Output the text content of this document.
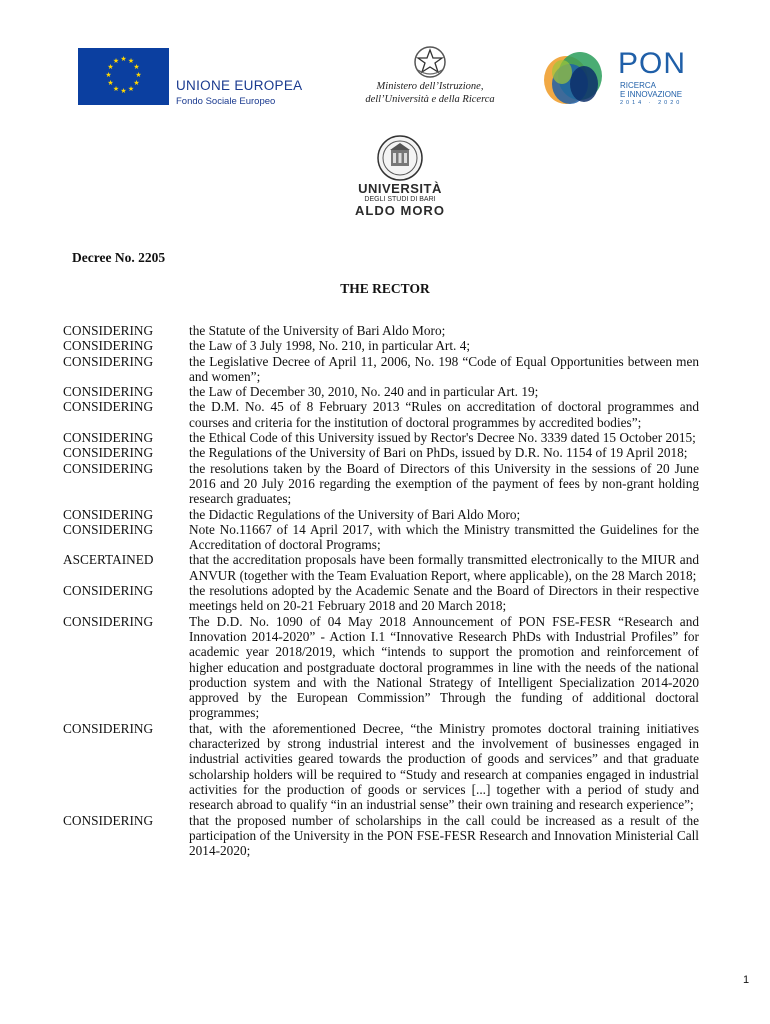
★ ★
★
★
★
★
★
★
★
★
★
★
UNIONE EUROPEA
Fondo Sociale Europeo
Ministero dell’Istruzione,
dell’Università e della Ricerca
PON
RICERCA
E INNOVAZIONE
2014 · 2020
UNIVERSITÀ
DEGLI STUDI DI BARI
ALDO MORO
Decree No. 2205
THE RECTOR
CONSIDERING	the Statute of the University of Bari Aldo Moro;
CONSIDERING	the Law of 3 July 1998, No. 210, in particular Art. 4;
CONSIDERING	the Legislative Decree of April 11, 2006, No. 198 “Code of Equal Opportunities between men and women”;
CONSIDERING	the Law of December 30, 2010, No. 240 and in particular Art. 19;
CONSIDERING	the D.M. No. 45 of 8 February 2013 “Rules on accreditation of doctoral programmes and courses and criteria for the institution of doctoral programmes by accredited bodies”;
CONSIDERING	the Ethical Code of this University issued by Rector's Decree No. 3339 dated 15 October 2015;
CONSIDERING	the Regulations of the University of Bari on PhDs, issued by D.R. No. 1154 of 19 April 2018;
CONSIDERING	the resolutions taken by the Board of Directors of this University in the sessions of 20 June 2016 and 20 July 2016 regarding the exemption of the payment of fees by non-grant holding research graduates;
CONSIDERING	the Didactic Regulations of the University of Bari Aldo Moro;
CONSIDERING	Note No.11667 of 14 April 2017, with which the Ministry transmitted the Guidelines for the Accreditation of doctoral Programs;
ASCERTAINED	that the accreditation proposals have been formally transmitted electronically to the MIUR and ANVUR (together with the Team Evaluation Report, where applicable), on the 28 March 2018;
CONSIDERING	the resolutions adopted by the Academic Senate and the Board of Directors in their respective meetings held on 20-21 February 2018 and 20 March 2018;
CONSIDERING	The D.D. No. 1090 of 04 May 2018 Announcement of PON FSE-FESR “Research and Innovation 2014-2020” - Action I.1 “Innovative Research PhDs with Industrial Profiles” for academic year 2018/2019, which “intends to support the promotion and reinforcement of higher education and postgraduate doctoral programmes in line with the needs of the national production system and with the National Strategy of Intelligent Specialization 2014-2020 approved by the European Commission” Through the funding of additional doctoral programmes;
CONSIDERING	that, with the aforementioned Decree, “the Ministry promotes doctoral training initiatives characterized by strong industrial interest and the involvement of businesses engaged in industrial activities geared towards the production of goods and services” and that graduate scholarship holders will be required to “Study and research at companies engaged in industrial activities for the production of goods or services [...] together with a period of study and research abroad to qualify “in an industrial sense” their own training and research experience”;
CONSIDERING	that the proposed number of scholarships in the call could be increased as a result of the participation of the University in the PON FSE-FESR Research and Innovation Ministerial Call 2014-2020;
1
